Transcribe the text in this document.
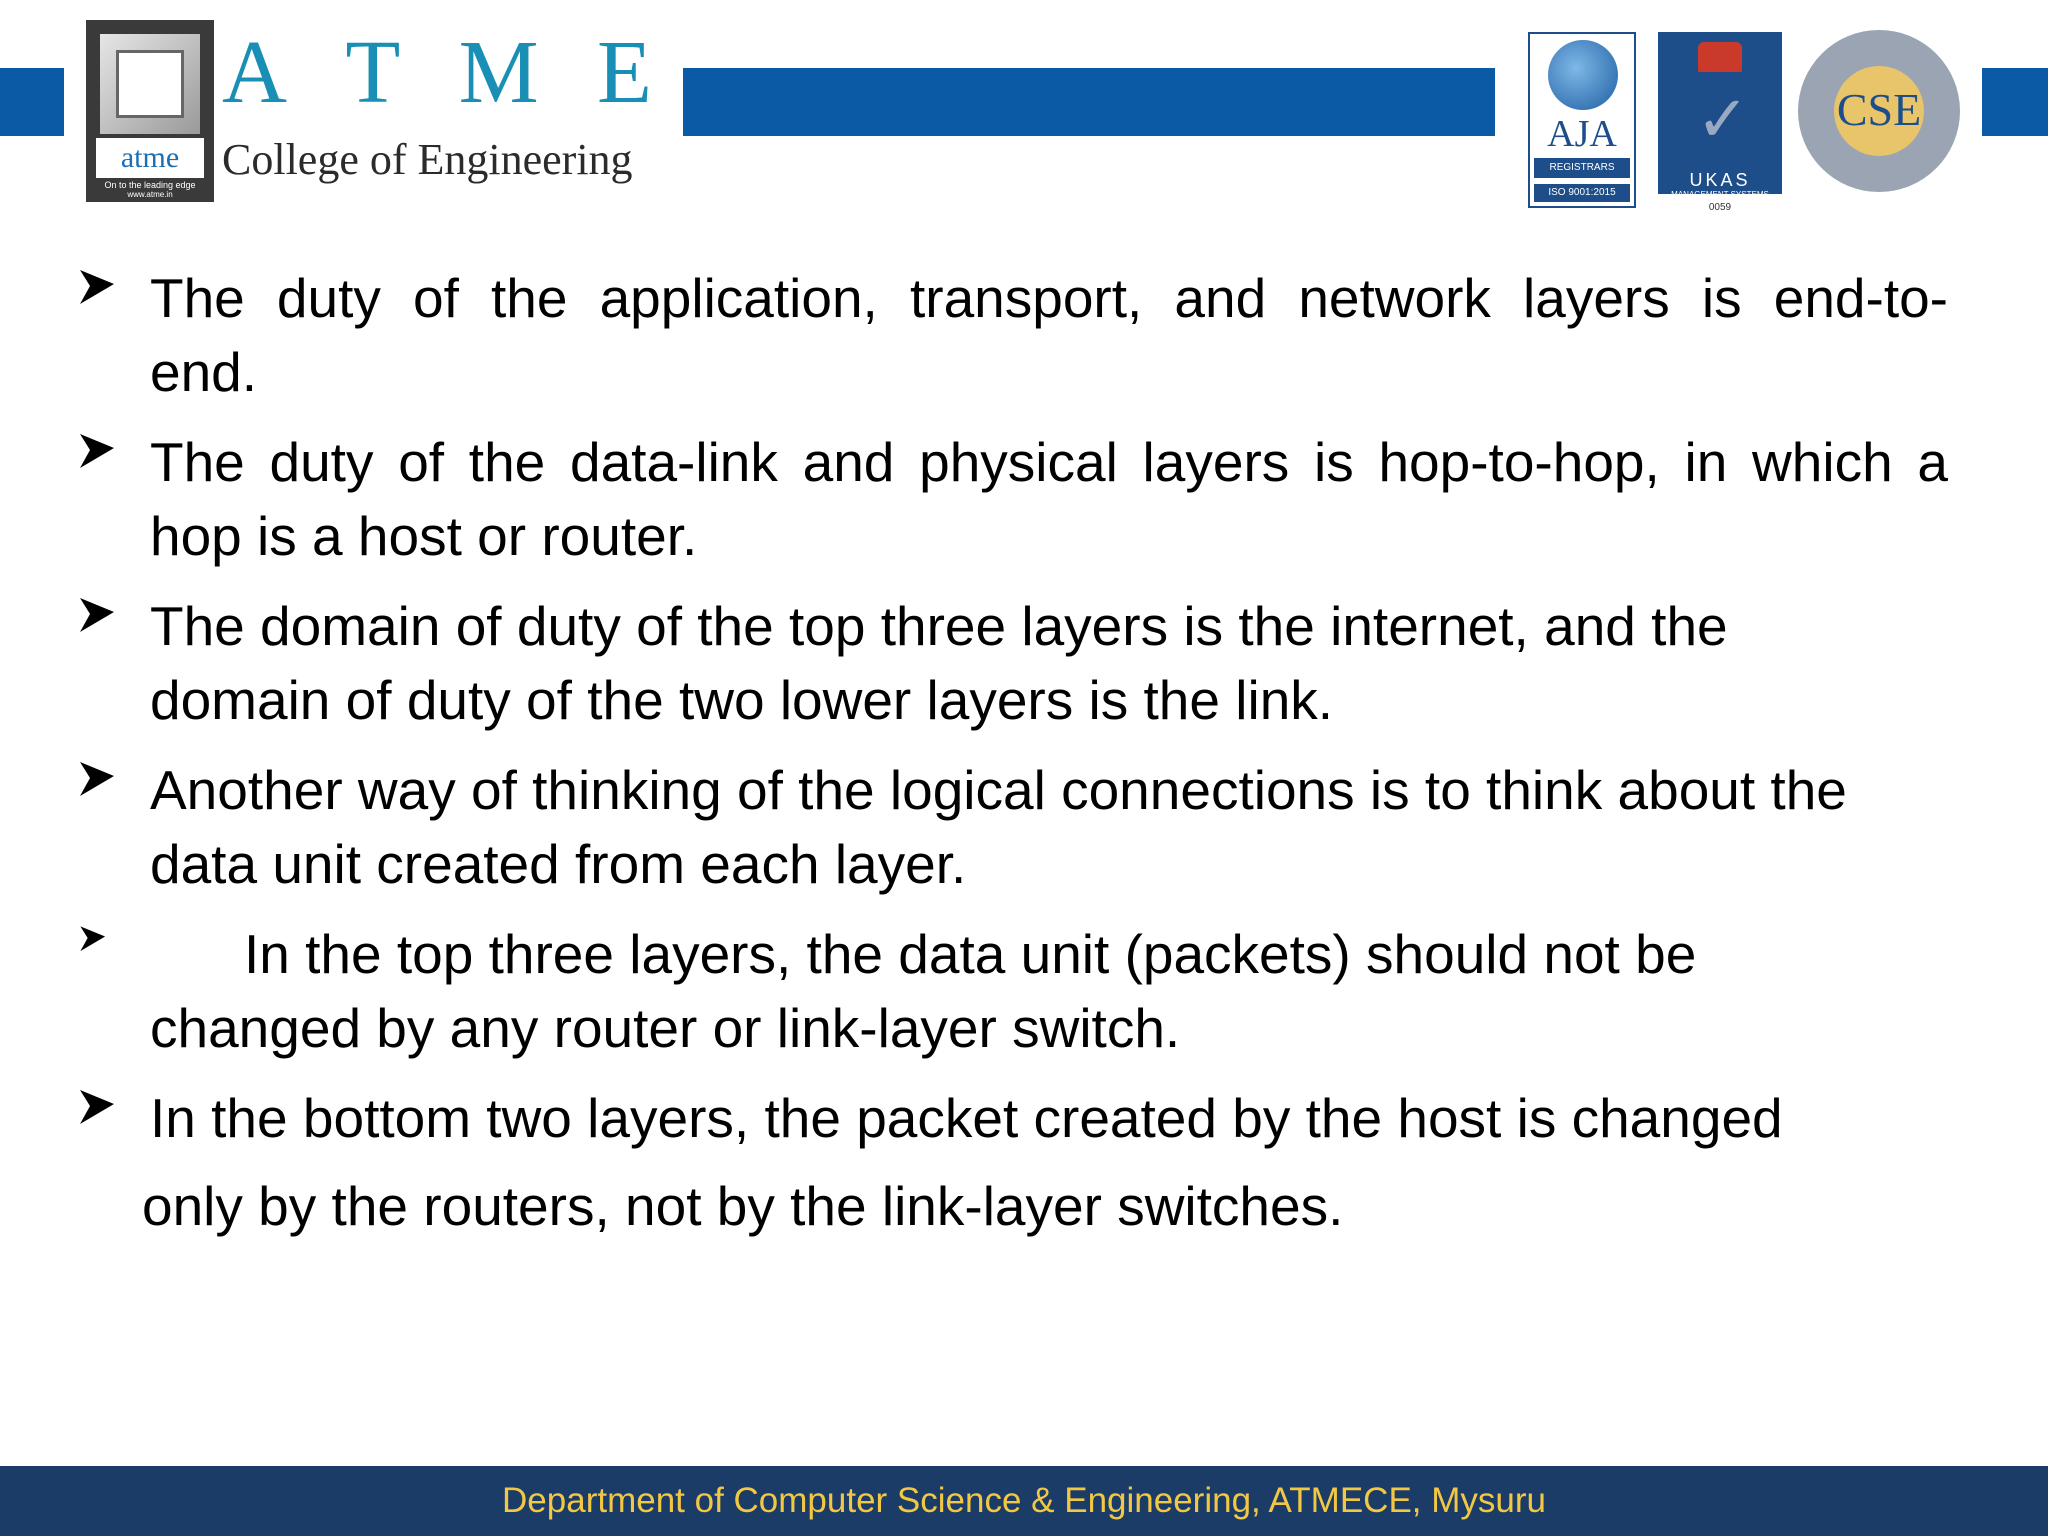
atme
On to the leading edge
www.atme.in
A T M E
College of Engineering
AJA
REGISTRARS
ISO 9001:2015
✓
UKAS
MANAGEMENT SYSTEMS
0059
CSE
The duty of the application, transport, and network layers is end-to-
end.
The duty of the data-link and physical layers is hop-to-hop, in which a
hop is a host or router.
The domain of duty of the top three layers is the internet, and the
domain of duty of the two lower layers is the link.
Another way of thinking of the logical connections is to think about the
data unit created from each layer.
In the top three layers, the data unit (packets) should not be
changed by any router or link-layer switch.
In the bottom two layers, the packet created by the host is changed
only by the routers, not by the link-layer switches.
Department of Computer Science & Engineering, ATMECE, Mysuru
